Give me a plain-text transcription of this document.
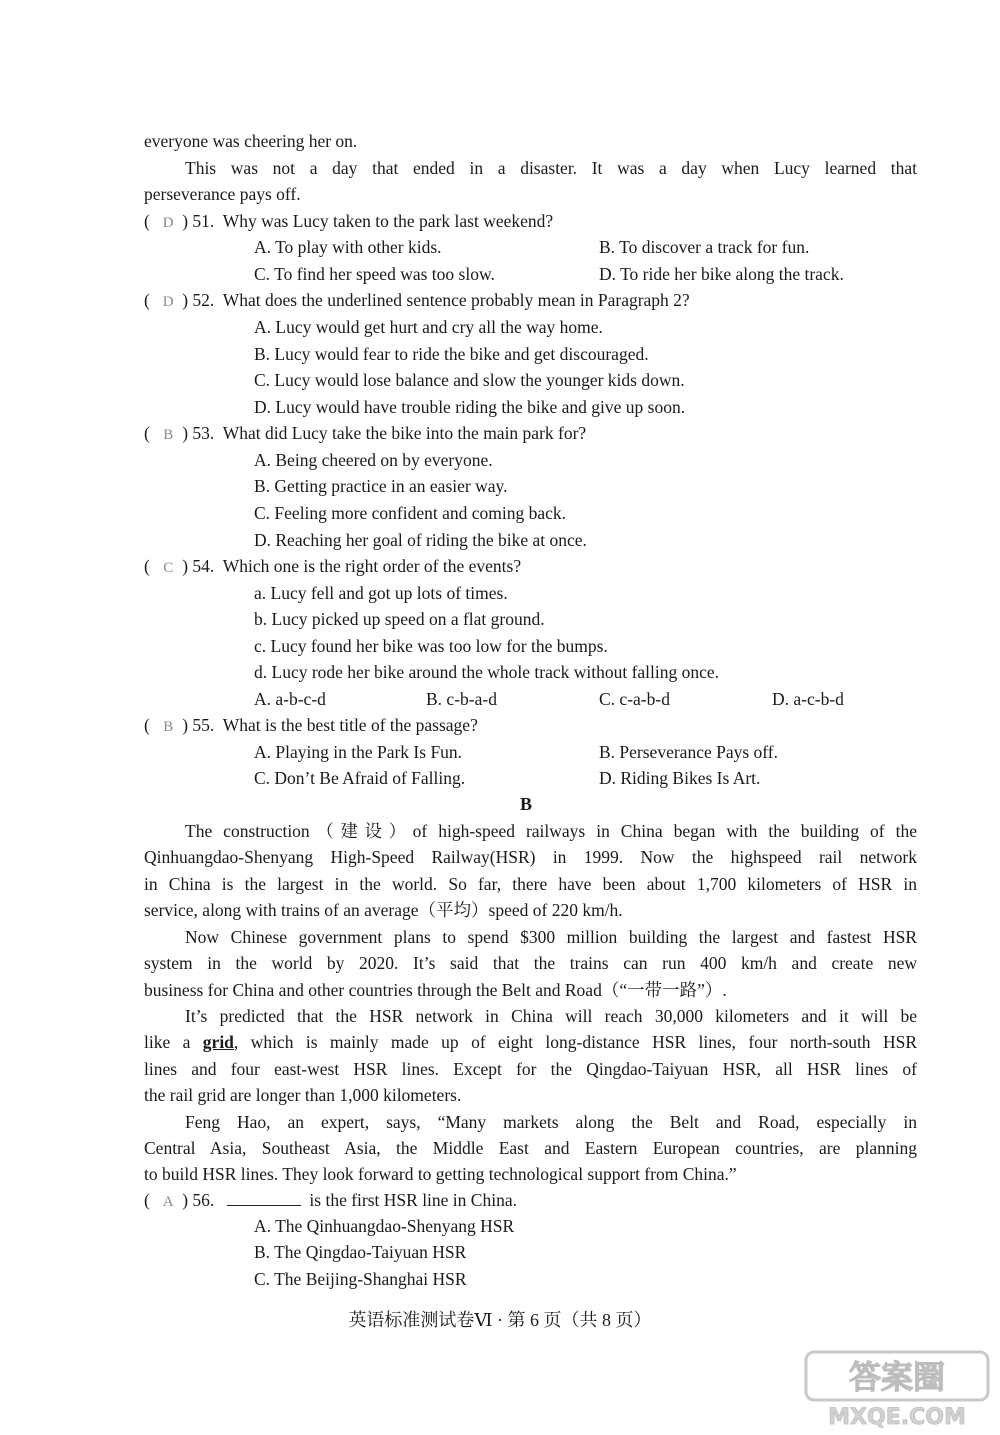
everyone was cheering her on.
This was not a day that ended in a disaster. It was a day when Lucy learned that
perseverance pays off.
( D ) 51. Why was Lucy taken to the park last weekend?
A. To play with other kids.	B. To discover a track for fun.
C. To find her speed was too slow.	D. To ride her bike along the track.
( D ) 52. What does the underlined sentence probably mean in Paragraph 2?
A. Lucy would get hurt and cry all the way home.
B. Lucy would fear to ride the bike and get discouraged.
C. Lucy would lose balance and slow the younger kids down.
D. Lucy would have trouble riding the bike and give up soon.
( B ) 53. What did Lucy take the bike into the main park for?
A. Being cheered on by everyone.
B. Getting practice in an easier way.
C. Feeling more confident and coming back.
D. Reaching her goal of riding the bike at once.
( C ) 54. Which one is the right order of the events?
a. Lucy fell and got up lots of times.
b. Lucy picked up speed on a flat ground.
c. Lucy found her bike was too low for the bumps.
d. Lucy rode her bike around the whole track without falling once.
A. a-b-c-d	B. c-b-a-d	C. c-a-b-d	D. a-c-b-d
( B ) 55. What is the best title of the passage?
A. Playing in the Park Is Fun.	B. Perseverance Pays off.
C. Don’t Be Afraid of Falling.	D. Riding Bikes Is Art.
B
The construction（建设）of high-speed railways in China began with the building of the
Qinhuangdao-Shenyang High-Speed Railway(HSR) in 1999. Now the highspeed rail network
in China is the largest in the world. So far, there have been about 1,700 kilometers of HSR in
service, along with trains of an average（平均）speed of 220 km/h.
Now Chinese government plans to spend $300 million building the largest and fastest HSR
system in the world by 2020. It’s said that the trains can run 400 km/h and create new
business for China and other countries through the Belt and Road（“一带一路”）.
It’s predicted that the HSR network in China will reach 30,000 kilometers and it will be
like a grid, which is mainly made up of eight long-distance HSR lines, four north-south HSR
lines and four east-west HSR lines. Except for the Qingdao-Taiyuan HSR, all HSR lines of
the rail grid are longer than 1,000 kilometers.
Feng Hao, an expert, says, “Many markets along the Belt and Road, especially in
Central Asia, Southeast Asia, the Middle East and Eastern European countries, are planning
to build HSR lines. They look forward to getting technological support from China.”
( A ) 56.	is the first HSR line in China.
A. The Qinhuangdao-Shenyang HSR
B. The Qingdao-Taiyuan HSR
C. The Beijing-Shanghai HSR
英语标准测试卷Ⅵ · 第 6 页（共 8 页）
答案圈
MXQE.COM
